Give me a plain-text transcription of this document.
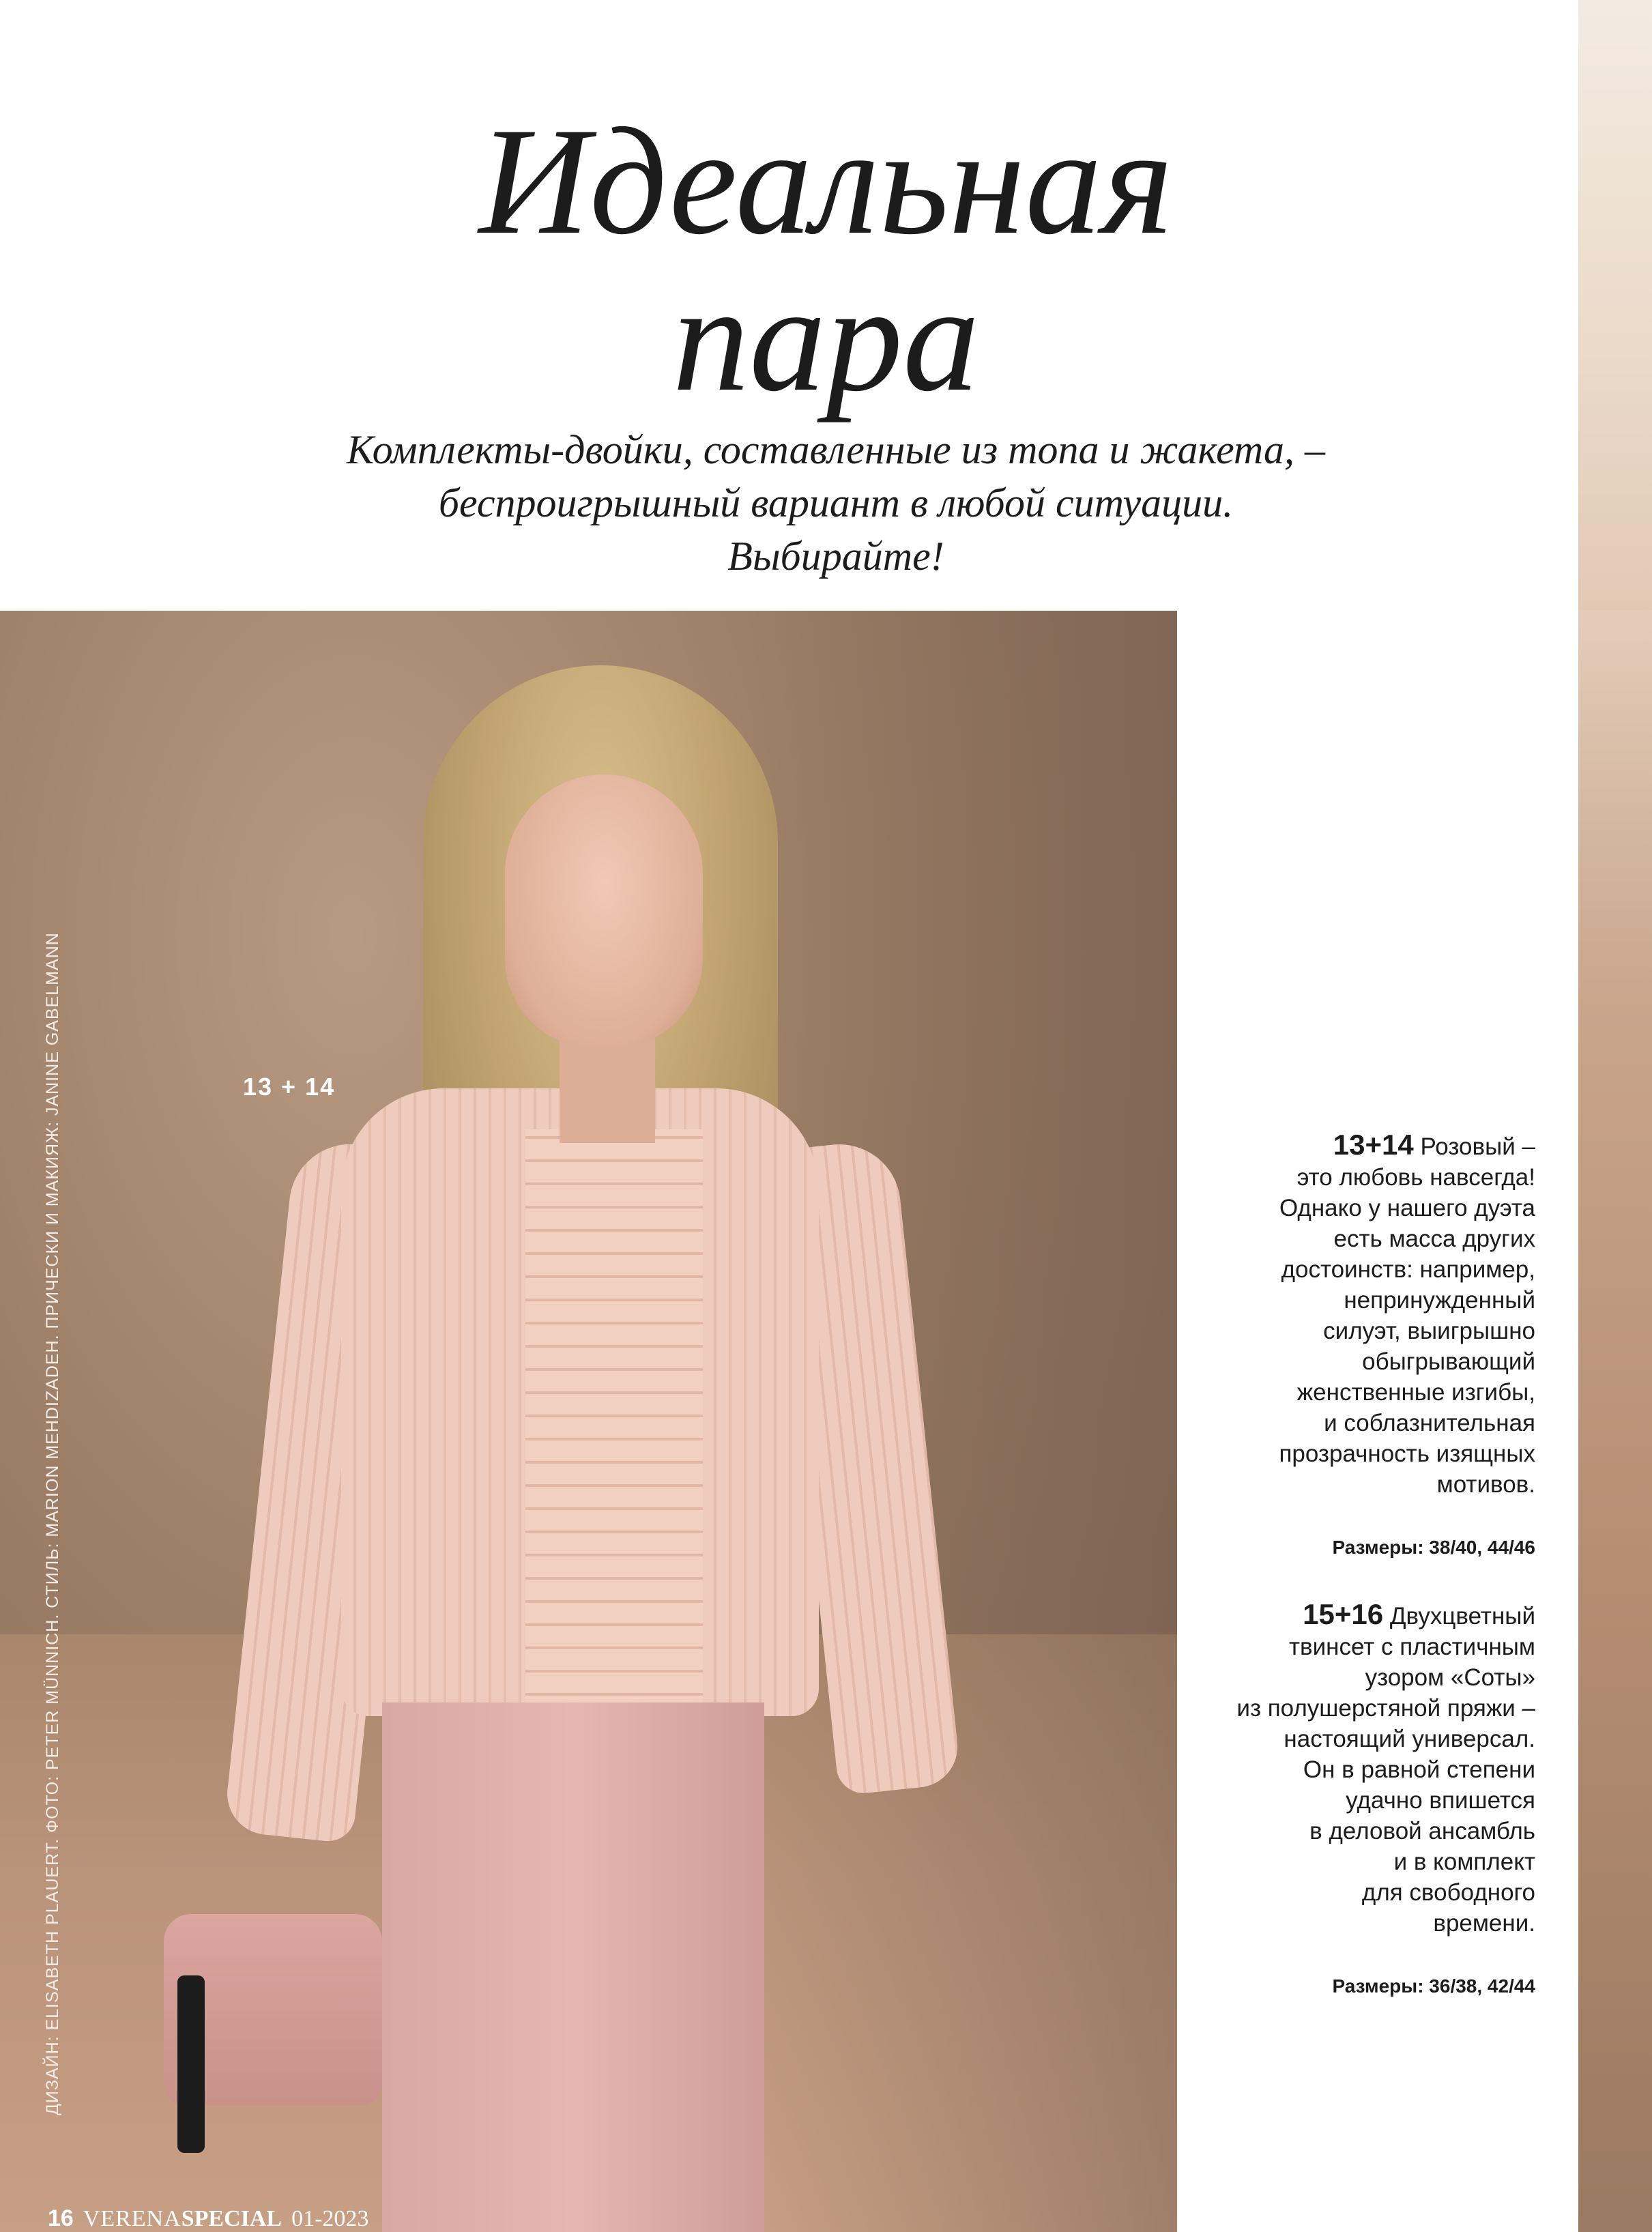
Идеальная
пара
Комплекты-двойки, составленные из топа и жакета, –
беспроигрышный вариант в любой ситуации.
Выбирайте!
13 + 14
ДИЗАЙН: ELISABETH PLAUERT. ФОТО: PETER MÜNNICH. СТИЛЬ: MARION MEHDIZADEH. ПРИЧЕСКИ И МАКИЯЖ: JANINE GABELMANN	13+14 Розовый –
это любовь навсегда!
Однако у нашего дуэта
есть масса других
достоинств: например,
непринужденный
силуэт, выигрышно
обыгрывающий
женственные изгибы,
и соблазнительная
прозрачность изящных
мотивов.
Размеры: 38/40, 44/46
15+16 Двухцветный
твинсет с пластичным
узором «Соты»
из полушерстяной пряжи –
настоящий универсал.
Он в равной степени
удачно впишется
в деловой ансамбль
и в комплект
для свободного
времени.
Размеры: 36/38, 42/44
16 VERENASPECIAL 01-2023
